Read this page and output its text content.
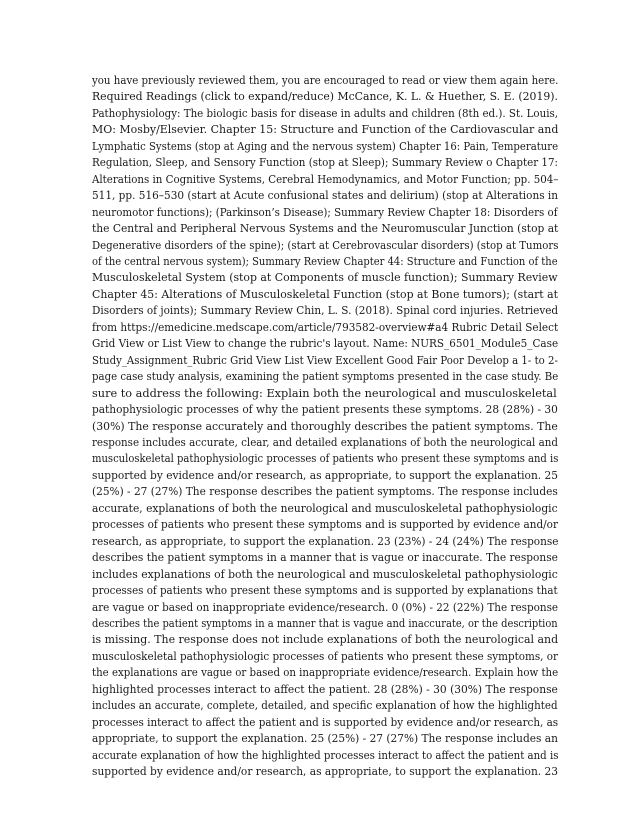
you have previously reviewed them, you are encouraged to read or view them again here.
Required Readings (click to expand/reduce) McCance, K. L. & Huether, S. E. (2019).
Pathophysiology: The biologic basis for disease in adults and children (8th ed.). St. Louis,
MO: Mosby/Elsevier. Chapter 15: Structure and Function of the Cardiovascular and
Lymphatic Systems (stop at Aging and the nervous system) Chapter 16: Pain, Temperature
Regulation, Sleep, and Sensory Function (stop at Sleep); Summary Review o Chapter 17:
Alterations in Cognitive Systems, Cerebral Hemodynamics, and Motor Function; pp. 504–
511, pp. 516–530 (start at Acute confusional states and delirium) (stop at Alterations in
neuromotor functions); (Parkinson’s Disease); Summary Review Chapter 18: Disorders of
the Central and Peripheral Nervous Systems and the Neuromuscular Junction (stop at
Degenerative disorders of the spine); (start at Cerebrovascular disorders) (stop at Tumors
of the central nervous system); Summary Review Chapter 44: Structure and Function of the
Musculoskeletal System (stop at Components of muscle function); Summary Review
Chapter 45: Alterations of Musculoskeletal Function (stop at Bone tumors); (start at
Disorders of joints); Summary Review Chin, L. S. (2018). Spinal cord injuries. Retrieved
from https://emedicine.medscape.com/article/793582-overview#a4 Rubric Detail Select
Grid View or List View to change the rubric's layout. Name: NURS_6501_Module5_Case
Study_Assignment_Rubric Grid View List View Excellent Good Fair Poor Develop a 1- to 2-
page case study analysis, examining the patient symptoms presented in the case study. Be
sure to address the following: Explain both the neurological and musculoskeletal
pathophysiologic processes of why the patient presents these symptoms. 28 (28%) - 30
(30%) The response accurately and thoroughly describes the patient symptoms. The
response includes accurate, clear, and detailed explanations of both the neurological and
musculoskeletal pathophysiologic processes of patients who present these symptoms and is
supported by evidence and/or research, as appropriate, to support the explanation. 25
(25%) - 27 (27%) The response describes the patient symptoms. The response includes
accurate, explanations of both the neurological and musculoskeletal pathophysiologic
processes of patients who present these symptoms and is supported by evidence and/or
research, as appropriate, to support the explanation. 23 (23%) - 24 (24%) The response
describes the patient symptoms in a manner that is vague or inaccurate. The response
includes explanations of both the neurological and musculoskeletal pathophysiologic
processes of patients who present these symptoms and is supported by explanations that
are vague or based on inappropriate evidence/research. 0 (0%) - 22 (22%) The response
describes the patient symptoms in a manner that is vague and inaccurate, or the description
is missing. The response does not include explanations of both the neurological and
musculoskeletal pathophysiologic processes of patients who present these symptoms, or
the explanations are vague or based on inappropriate evidence/research. Explain how the
highlighted processes interact to affect the patient. 28 (28%) - 30 (30%) The response
includes an accurate, complete, detailed, and specific explanation of how the highlighted
processes interact to affect the patient and is supported by evidence and/or research, as
appropriate, to support the explanation. 25 (25%) - 27 (27%) The response includes an
accurate explanation of how the highlighted processes interact to affect the patient and is
supported by evidence and/or research, as appropriate, to support the explanation. 23
